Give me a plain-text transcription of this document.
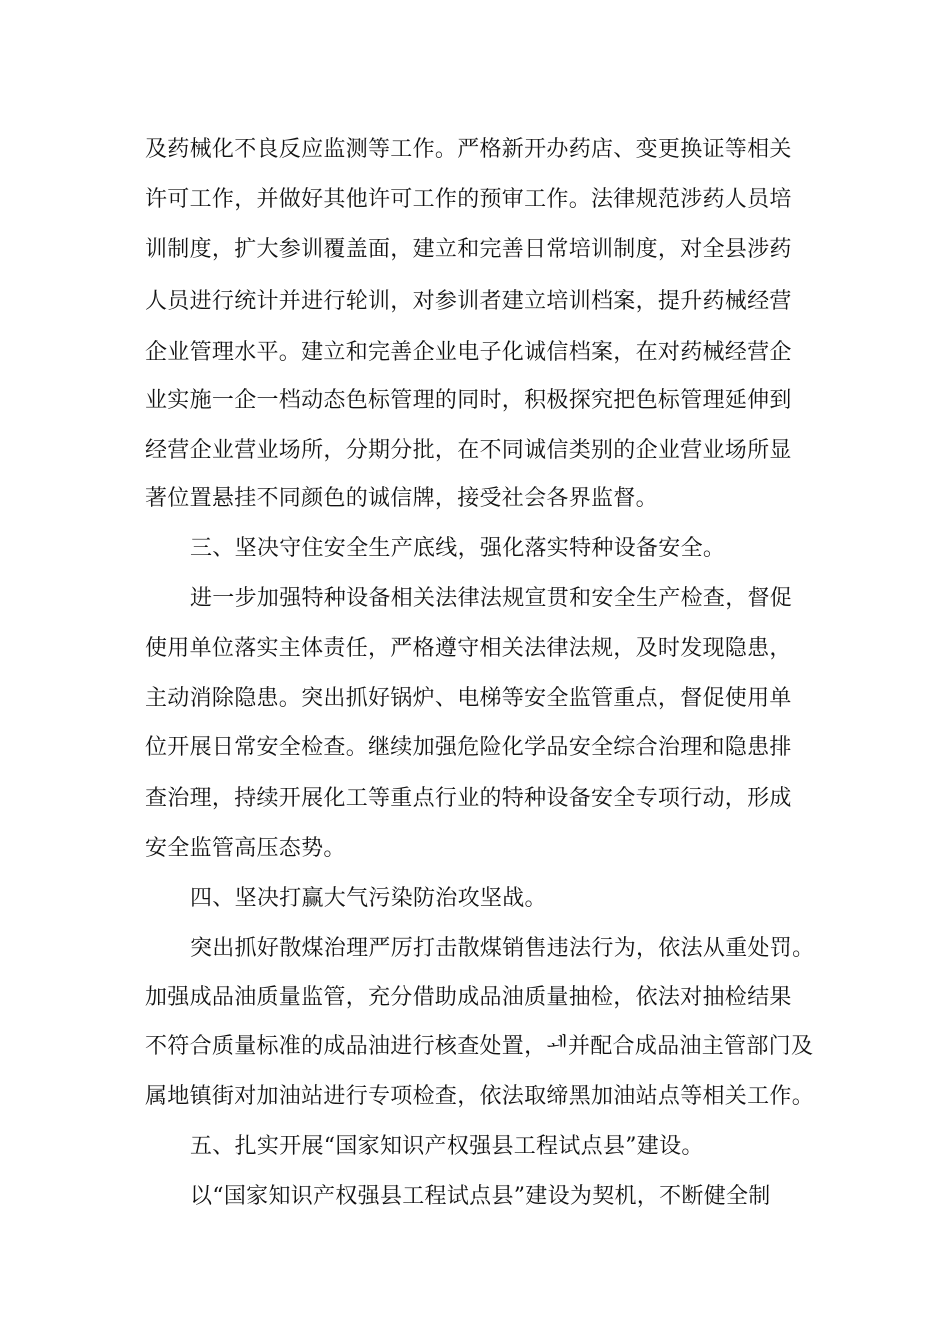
及药械化不良反应监测等工作。严格新开办药店、变更换证等相关

许可工作，并做好其他许可工作的预审工作。法律规范涉药人员培

训制度，扩大参训覆盖面，建立和完善日常培训制度，对全县涉药

人员进行统计并进行轮训，对参训者建立培训档案，提升药械经营

企业管理水平。建立和完善企业电子化诚信档案，在对药械经营企

业实施一企一档动态色标管理的同时，积极探究把色标管理延伸到

经营企业营业场所，分期分批，在不同诚信类别的企业营业场所显

著位置悬挂不同颜色的诚信牌，接受社会各界监督。

三、坚决守住安全生产底线，强化落实特种设备安全。

进一步加强特种设备相关法律法规宣贯和安全生产检查，督促

使用单位落实主体责任，严格遵守相关法律法规，及时发现隐患，

主动消除隐患。突出抓好锅炉、电梯等安全监管重点，督促使用单

位开展日常安全检查。继续加强危险化学品安全综合治理和隐患排

查治理，持续开展化工等重点行业的特种设备安全专项行动，形成

安全监管高压态势。

四、坚决打赢大气污染防治攻坚战。

突出抓好散煤治理严厉打击散煤销售违法行为，依法从重处罚。

加强成品油质量监管，充分借助成品油质量抽检，依法对抽检结果

不符合质量标准的成品油进行核查处置，ᆀ并配合成品油主管部门及

属地镇街对加油站进行专项检查，依法取缔黑加油站点等相关工作。

五、扎实开展“国家知识产权强县工程试点县”建设。

以“国家知识产权强县工程试点县”建设为契机，不断健全制
